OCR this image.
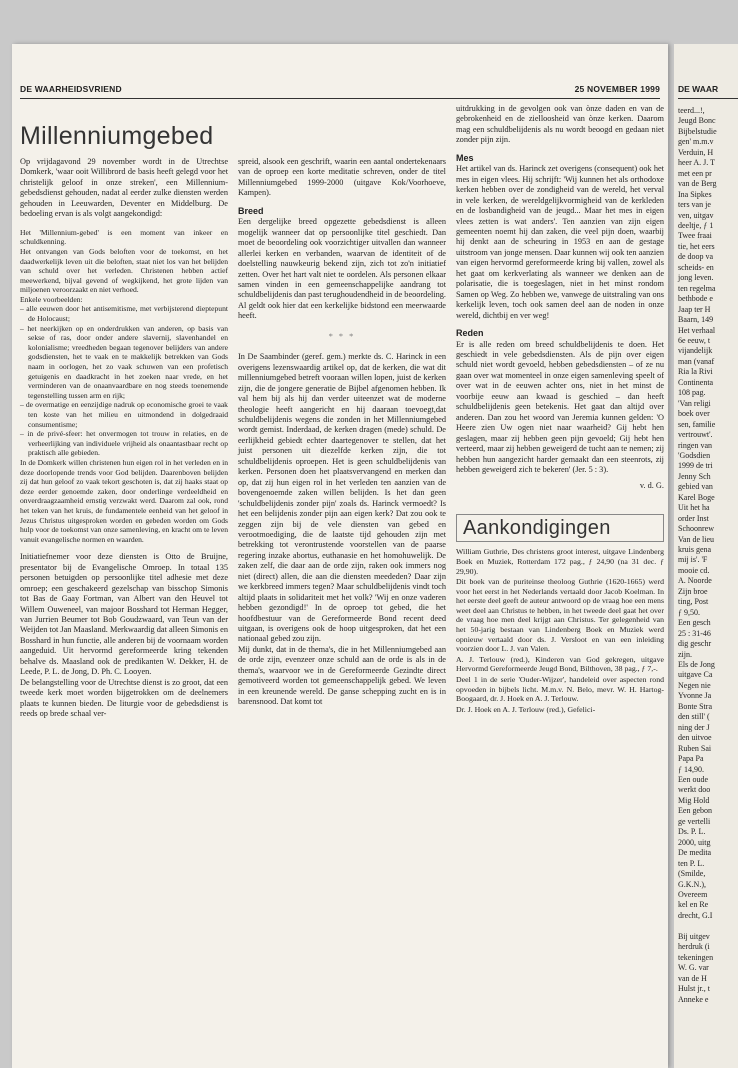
DE WAARHEIDSVRIEND	25 NOVEMBER 1999
Millenniumgebed

Op vrijdagavond 29 november wordt in de Utrechtse Domkerk, 'waar ooit Willibrord de basis heeft gelegd voor het christelijk geloof in onze streken', een Millennium-gebedsdienst gehouden, nadat al eerder zulke diensten werden gehouden in Leeuwarden, Deventer en Middelburg. De bedoeling ervan is als volgt aangekondigd:

Het 'Millennium-gebed' is een moment van inkeer en schuldkenning.

Het ontvangen van Gods beloften voor de toekomst, en het daadwerkelijk leven uit die beloften, staat niet los van het belijden van schuld over het verleden. Christenen hebben actief meewerkend, bijval gevend of wegkijkend, het grote lijden van miljoenen veroorzaakt en niet verhoed.

Enkele voorbeelden:

– alle eeuwen door het antisemitisme, met verbijsterend dieptepunt de Holocaust;
– het neerkijken op en onderdrukken van anderen, op basis van sekse of ras, door onder andere slavernij, slavenhandel en kolonialisme; vreedheden begaan tegenover belijders van andere godsdiensten, het te vaak en te makkelijk betrekken van Gods naam in oorlogen, het zo vaak schuwen van een profetisch getuigenis en daadkracht in het zoeken naar vrede, en het verminderen van de onaanvaardbare en nog steeds toenemende tegenstelling tussen arm en rijk;
– de overmatige en eenzijdige nadruk op economische groei te vaak ten koste van het milieu en uitmondend in dolgedraaid consumentisme;
– in de privé-sfeer: het onvermogen tot trouw in relaties, en de verheerlijking van individuele vrijheid als onaantastbaar recht op praktisch alle gebieden.

In de Domkerk willen christenen hun eigen rol in het verleden en in deze doorlopende trends voor God belijden. Daarenboven belijden zij dat hun geloof zo vaak tekort geschoten is, dat zij haaks staat op deze eerder genoemde zaken, door onderlinge verdeeldheid en onverdraagzaamheid ernstig verzwakt werd. Daarom zal ook, rond het teken van het kruis, de fundamentele eenheid van het geloof in Jezus Christus uitgesproken worden en gebeden worden om Gods hulp voor de toekomst van onze samenleving, en kracht om te leven vanuit evangelische normen en waarden.

Initiatiefnemer voor deze diensten is Otto de Bruijne, presentator bij de Evangelische Omroep. In totaal 135 personen betuigden op persoonlijke titel adhesie met deze omroep; een geschakeerd gezelschap van bisschop Simonis tot Bas de Gaay Fortman, van Albert van den Heuvel tot Willem Ouweneel, van majoor Bosshard tot Herman Hegger, van Jurrien Beumer tot Bob Goudzwaard, van Teun van der Weijden tot Jan Maasland. Merkwaardig dat alleen Simonis en Bosshard in hun functie, alle anderen bij de voornaam worden aangeduid. Uit hervormd gereformeerde kring tekenden behalve ds. Maasland ook de predikanten W. Dekker, H. de Leede, P. L. de Jong, D. Ph. C. Looyen.

De belangstelling voor de Utrechtse dienst is zo groot, dat een tweede kerk moet worden bijgetrokken om de deelnemers plaats te kunnen bieden. De liturgie voor de gebedsdienst is reeds op brede schaal ver-

spreid, alsook een geschrift, waarin een aantal ondertekenaars van de oproep een korte meditatie schreven, onder de titel Millenniumgebed 1999-2000 (uitgave Kok/Voorhoeve, Kampen).

Breed

Een dergelijke breed opgezette gebedsdienst is alleen mogelijk wanneer dat op persoonlijke titel geschiedt. Dan moet de beoordeling ook voorzichtiger uitvallen dan wanneer allerlei kerken en verbanden, waarvan de identiteit of de doelstelling nauwkeurig bekend zijn, zich tot zo'n initiatief zetten. Over het hart valt niet te oordelen. Als personen elkaar samen vinden in een gemeenschappelijke aandrang tot schuldbelijdenis dan past terughoudendheid in de beoordeling. Al geldt ook hier dat een kerkelijke bidstond een meerwaarde heeft.

* * *

In De Saambinder (geref. gem.) merkte ds. C. Harinck in een overigens lezenswaardig artikel op, dat de kerken, die wat dit millenniumgebed betreft vooraan willen lopen, juist de kerken zijn, die de jongere generatie de Bijbel afgenomen hebben. Ik val hem bij als hij dan verder uiteenzet wat de moderne theologie heeft aangericht en hij daaraan toevoegt,dat schuldbelijdenis wegens die zonden in het Millenniumgebed wordt gemist. Inderdaad, de kerken dragen (mede) schuld. De eerlijkheid gebiedt echter daartegenover te stellen, dat het juist personen uit diezelfde kerken zijn, die tot schuldbelijdenis oproepen. Het is geen schuldbelijdenis van kerken. Personen doen het plaatsvervangend en merken dan op, dat zij hun eigen rol in het verleden ten aanzien van de bovengenoemde zaken willen belijden. Is het dan geen 'schuldbelijdenis zonder pijn' zoals ds. Harinck vermoedt? Is het een belijdenis zonder pijn aan eigen kerk? Dat zou ook te zeggen zijn bij de vele diensten van gebed en verootmoediging, die de laatste tijd gehouden zijn met betrekking tot verontrustende voorstellen van de paarse regering inzake abortus, euthanasie en het homohuwelijk. De zaken zelf, die daar aan de orde zijn, raken ook immers nog niet (direct) allen, die aan die diensten meededen? Daar zijn we kerkbreed immers tegen? Maar schuldbelijdenis vindt toch altijd plaats in solidariteit met het volk? 'Wij en onze vaderen hebben gezondigd!' In de oproep tot gebed, die het hoofdbestuur van de Gereformeerde Bond recent deed uitgaan, is overigens ook de hoop uitgesproken, dat het een nationaal gebed zou zijn.

Mij dunkt, dat in de thema's, die in het Millenniumgebed aan de orde zijn, evenzeer onze schuld aan de orde is als in de thema's, waarvoor we in de Gereformeerde Gezindte direct gemotiveerd worden tot gemeenschappelijk gebed. We leven in een kreunende wereld. De ganse schepping zucht en is in barensnood. Dat komt tot

uitdrukking in de gevolgen ook van ònze daden en van de gebrokenheid en de zielloosheid van ònze kerken. Daarom mag een schuldbelijdenis als nu wordt beoogd en gedaan niet zonder pijn zijn.

Mes

Het artikel van ds. Harinck zet overigens (consequent) ook het mes in eigen vlees. Hij schrijft: 'Wij kunnen het als orthodoxe kerken hebben over de zondigheid van de wereld, het verval in vele kerken, de wereldgelijkvormigheid van de kerkleden en de losbandigheid van de jeugd... Maar het mes in eigen vlees zetten is wat anders'. Ten aanzien van zijn eigen gemeenten noemt hij dan zaken, die veel pijn doen, waarbij hij denkt aan de scheuring in 1953 en aan de gestage uitstroom van jonge mensen. Daar kunnen wij ook ten aanzien van eigen hervormd gereformeerde kring bij vallen, zowel als het gaat om kerkverlating als wanneer we denken aan de polarisatie, die is toegeslagen, niet in het minst rondom Samen op Weg. Zo hebben we, vanwege de uitstraling van ons kerkelijk leven, toch ook samen deel aan de noden in onze wereld, dichtbij en ver weg!

Reden

Er is alle reden om breed schuldbelijdenis te doen. Het geschiedt in vele gebedsdiensten. Als de pijn over eigen schuld niet wordt gevoeld, hebben gebedsdiensten – of ze nu gaan over wat momenteel in onze eigen samenleving speelt of over wat in de eeuwen achter ons, niet in het minst de voorbije eeuw aan kwaad is geschied – dan heeft schuldbelijdenis geen betekenis. Het gaat dan altijd over anderen. Dan zou het woord van Jeremia kunnen gelden: 'O Heere zien Uw ogen niet naar waarheid? Gij hebt hen geslagen, maar zij hebben geen pijn gevoeld; Gij hebt hen verteerd, maar zij hebben geweigerd de tucht aan te nemen; zij hebben hun aangezicht harder gemaakt dan een steenrots, zij hebben geweigerd zich te bekeren' (Jer. 5 : 3).

v. d. G.
Aankondigingen

William Guthrie, Des christens groot interest, uitgave Lindenberg Boek en Muziek, Rotterdam 172 pag., ƒ 24,90 (na 31 dec. ƒ 29,90).

Dit boek van de puriteinse theoloog Guthrie (1620-1665) werd voor het eerst in het Nederlands vertaald door Jacob Koelman. In het eerste deel geeft de auteur antwoord op de vraag hoe een mens weet deel aan Christus te hebben, in het tweede deel gaat het over de vraag hoe men deel krijgt aan Christus. Ter gelegenheid van het 50-jarig bestaan van Lindenberg Boek en Muziek werd opnieuw vertaald door ds. J. Versloot en van een inleiding voorzien door L. J. van Valen.

A. J. Terlouw (red.), Kinderen van God gekregen, uitgave Hervormd Gereformeerde Jeugd Bond, Bilthoven, 38 pag., ƒ 7,-.

Deel 1 in de serie 'Ouder-Wijzer', handeleid over aspecten rond opvoeden in bijbels licht. M.m.v. N. Belo, mevr. W. H. Hartog-Boogaard, dr. J. Hoek en A. J. Terlouw.

Dr. J. Hoek en A. J. Terlouw (red.), Gefelici-

DE WAAR

teerd...!,

Jeugd Bonc

Bijbelstudie

gen' m.m.v

Verduin, H

heer A. J. T

met een pr

van de Berg

Ina Sipkes

ters van je

ven, uitgav

deeltje, ƒ 1

Twee fraai

tie, het eers

de doop va

scheids- en

jong leven.

ten regelma

bethbode e

Jaap ter H

Baarn, 149

Het verhaal

6e eeuw, t

vijandelijk

man (vanaf

Ria la Rivi

Continenta

108 pag.

'Van religi

boek over

sen, familie

vertrouwt'.

ringen van

'Godsdien

1999 de tri

Jenny Sch

gebied van

Karel Boge

Uit het ha

order Inst

Schoonrew

Van de lieu

kruis gena

mij is'. 'F

mooie cd.

A. Noorde

Zijn broe

ting, Post

ƒ 9,50.

Een gesch

25 : 31-46

dig geschr

zijn.

Els de Jong

uitgave Ca

Negen nie

Yvonne Ja

Bonte Stra

den still' (

ning der J

den uitvoe

Ruben Sai

Papa Pa

ƒ 14,90.

Een oude

werkt doo

Mig Hold

Een gebon

ge vertelli

Ds. P. L.

2000, uitg

De medita

ten P. L.

(Smilde,

G.K.N.),

Overeem

kel en Re

drecht, G.I

Bij uitgev

herdruk (i

tekeningen

W. G. var

van de H

Hulst jr., t

Anneke e
